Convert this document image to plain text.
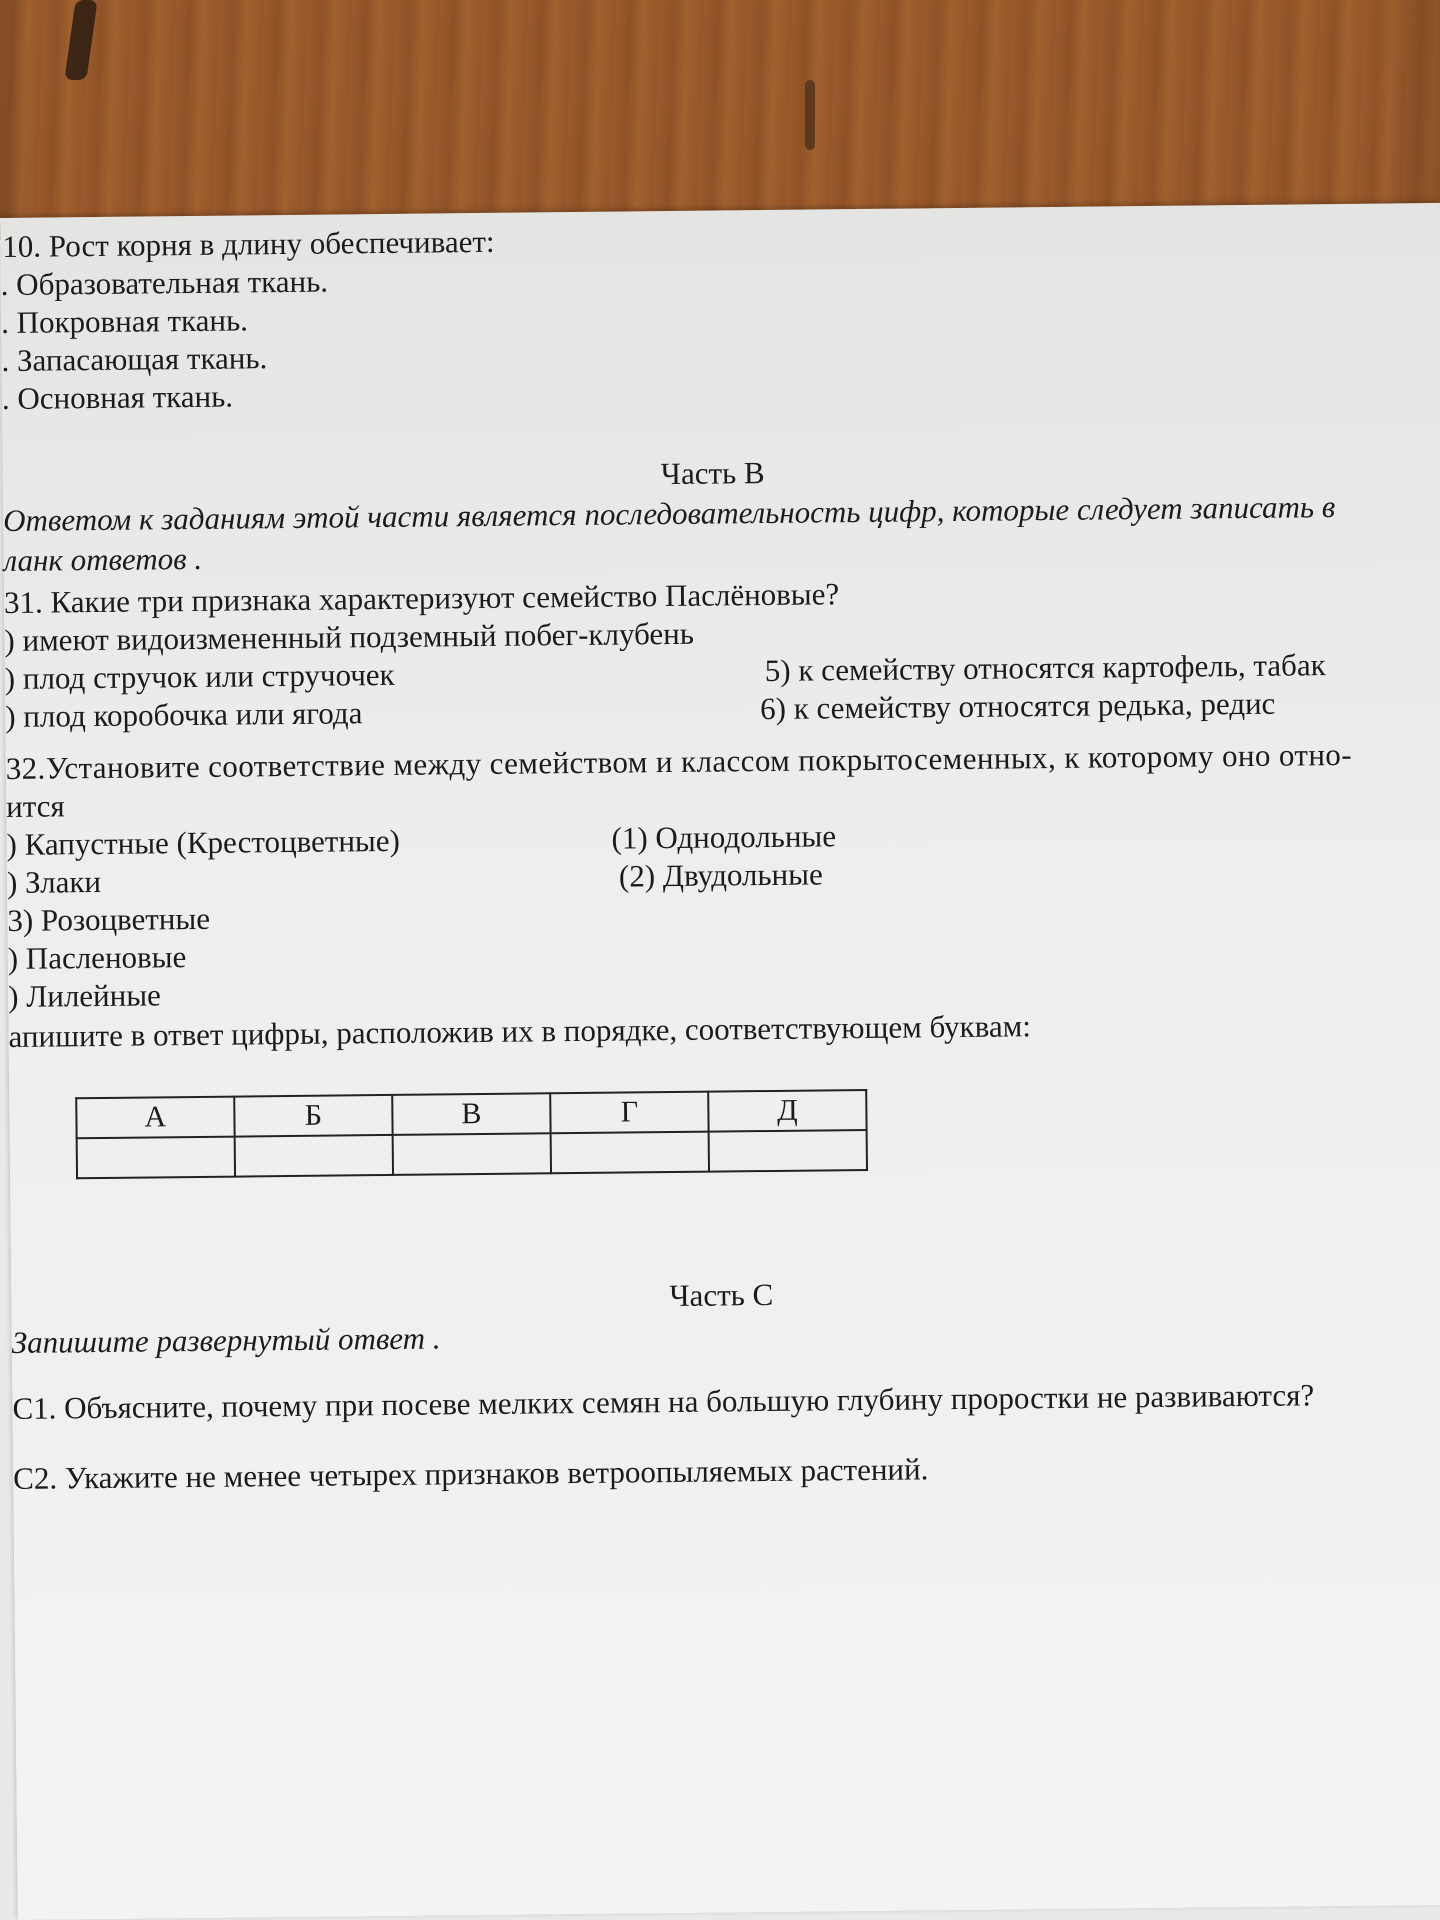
10. Рост корня в длину обеспечивает:
. Образовательная ткань.
. Покровная ткань.
. Запасающая ткань.
. Основная ткань.
Часть В
Ответом к заданиям этой части является последовательность цифр, которые следует записать в
ланк ответов .
31. Какие три признака характеризуют семейство Паслёновые?
) имеют видоизмененный подземный побег-клубень
) плод стручок или стручочек
) плод коробочка или ягода
5) к семейству относятся картофель, табак
6) к семейству относятся редька, редис
32.Установите соответствие между семейством и классом покрытосеменных, к которому оно отно-
ится
) Капустные (Крестоцветные)
) Злаки
3) Розоцветные
) Пасленовые
) Лилейные
(1) Однодольные
(2) Двудольные
апишите в ответ цифры, расположив их в порядке, соответствующем буквам:
А	Б	В	Г	Д

Часть С
Запишите развернутый ответ .
С1. Объясните, почему при посеве мелких семян на большую глубину проростки не развиваются?
С2. Укажите не менее четырех признаков ветроопыляемых растений.
